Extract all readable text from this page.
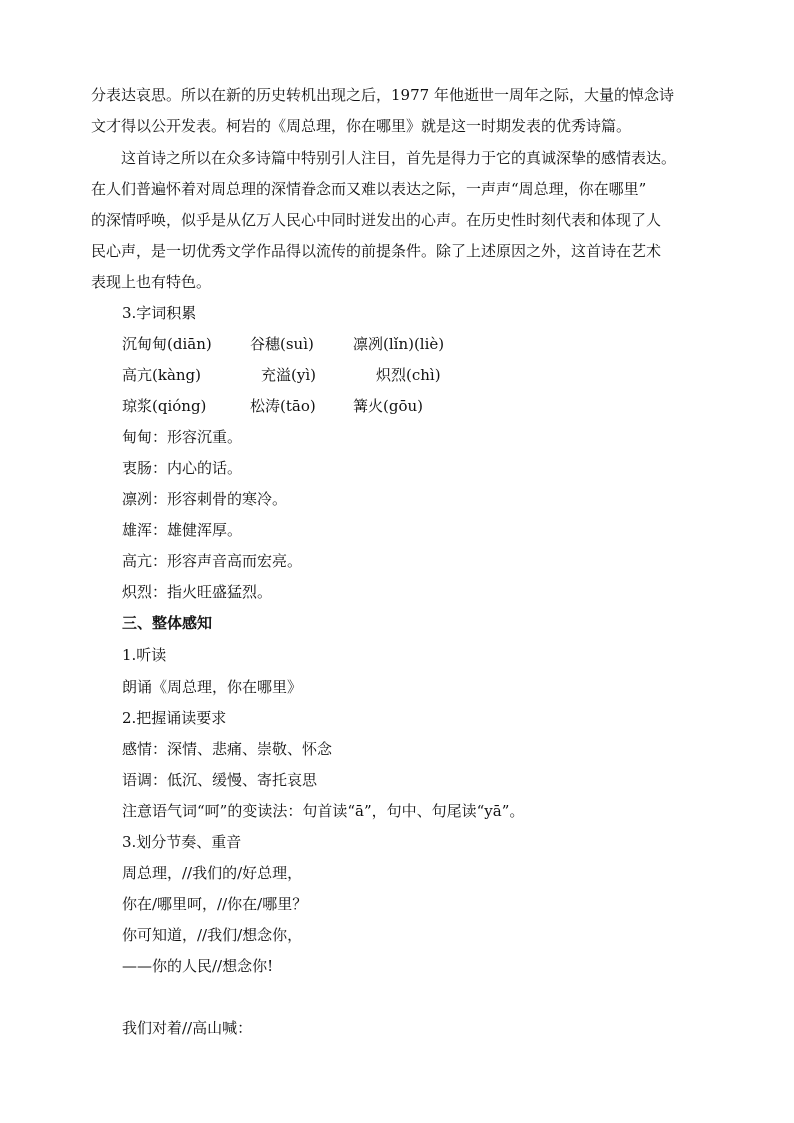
分表达哀思。所以在新的历史转机出现之后，1977 年他逝世一周年之际，大量的悼念诗
文才得以公开发表。柯岩的《周总理，你在哪里》就是这一时期发表的优秀诗篇。
这首诗之所以在众多诗篇中特别引人注目，首先是得力于它的真诚深挚的感情表达。
在人们普遍怀着对周总理的深情眷念而又难以表达之际，一声声“周总理，你在哪里”
的深情呼唤，似乎是从亿万人民心中同时迸发出的心声。在历史性时刻代表和体现了人
民心声，是一切优秀文学作品得以流传的前提条件。除了上述原因之外，这首诗在艺术
表现上也有特色。
3.字词积累
沉甸甸(diān)	谷穗(suì)	凛冽(lǐn)(liè)
高亢(kàng)	充溢(yì)	炽烈(chì)
琼浆(qióng)	松涛(tāo) 篝火(gōu)
甸甸：形容沉重。
衷肠：内心的话。
凛冽：形容刺骨的寒冷。
雄浑：雄健浑厚。
高亢：形容声音高而宏亮。
炽烈：指火旺盛猛烈。
三、整体感知
1.听读
朗诵《周总理，你在哪里》
2.把握诵读要求
感情：深情、悲痛、崇敬、怀念
语调：低沉、缓慢、寄托哀思
注意语气词“呵”的变读法：句首读“ā”，句中、句尾读“yā”。
3.划分节奏、重音
周总理，//我们的/好总理，
你在/哪里呵，//你在/哪里？
你可知道，//我们/想念你，
——你的人民//想念你!
我们对着//高山喊：
